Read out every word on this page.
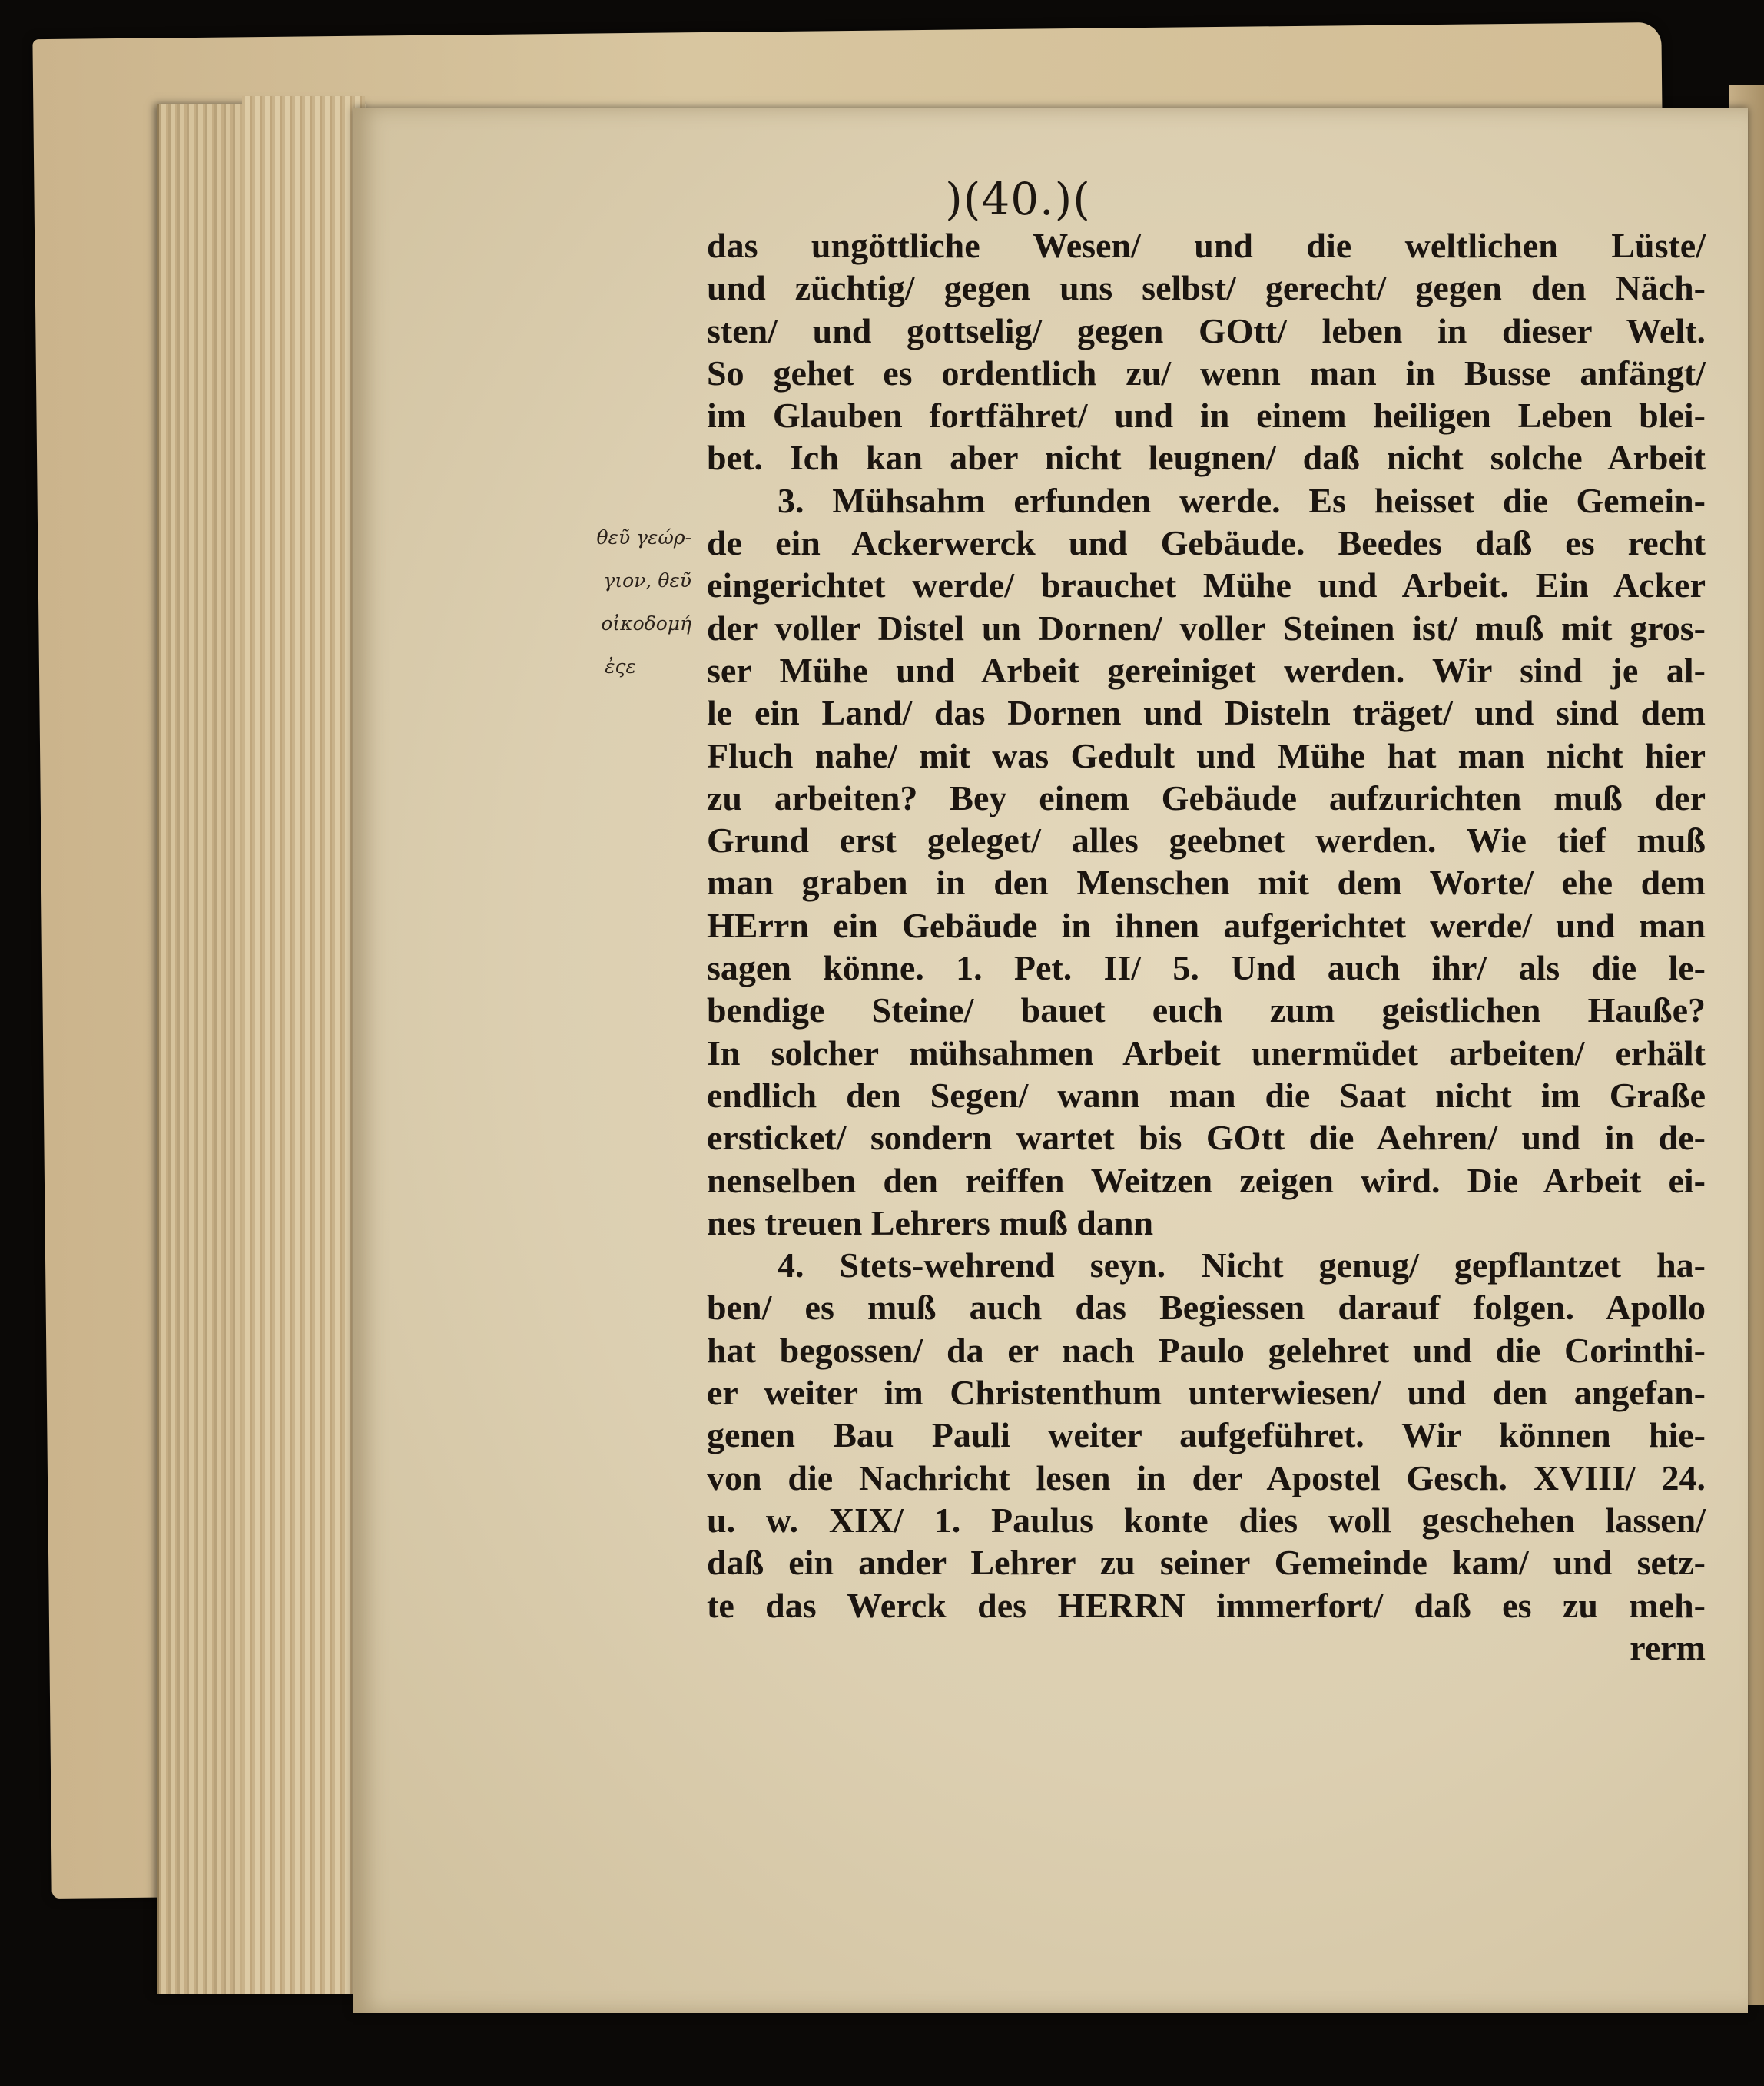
)(40.)(
θεῦ γεώρ-
γιον, θεῦ
οἰκοδομή
ἐςε
das ungöttliche Wesen/ und die weltlichen Lüste/
und züchtig/ gegen uns selbst/ gerecht/ gegen den Näch-
sten/ und gottselig/ gegen GOtt/ leben in dieser Welt.
So gehet es ordentlich zu/ wenn man in Busse anfängt/
im Glauben fortfähret/ und in einem heiligen Leben blei-
bet. Ich kan aber nicht leugnen/ daß nicht solche Arbeit
3. Mühsahm erfunden werde. Es heisset die Gemein-
de ein Ackerwerck und Gebäude. Beedes daß es recht
eingerichtet werde/ brauchet Mühe und Arbeit. Ein Acker
der voller Distel un Dornen/ voller Steinen ist/ muß mit gros-
ser Mühe und Arbeit gereiniget werden. Wir sind je al-
le ein Land/ das Dornen und Disteln träget/ und sind dem
Fluch nahe/ mit was Gedult und Mühe hat man nicht hier
zu arbeiten? Bey einem Gebäude aufzurichten muß der
Grund erst geleget/ alles geebnet werden. Wie tief muß
man graben in den Menschen mit dem Worte/ ehe dem
HErrn ein Gebäude in ihnen aufgerichtet werde/ und man
sagen könne. 1. Pet. II/ 5. Und auch ihr/ als die le-
bendige Steine/ bauet euch zum geistlichen Hauße?
In solcher mühsahmen Arbeit unermüdet arbeiten/ erhält
endlich den Segen/ wann man die Saat nicht im Graße
ersticket/ sondern wartet bis GOtt die Aehren/ und in de-
nenselben den reiffen Weitzen zeigen wird. Die Arbeit ei-
nes treuen Lehrers muß dann
4. Stets-wehrend seyn. Nicht genug/ gepflantzet ha-
ben/ es muß auch das Begiessen darauf folgen. Apollo
hat begossen/ da er nach Paulo gelehret und die Corinthi-
er weiter im Christenthum unterwiesen/ und den angefan-
genen Bau Pauli weiter aufgeführet. Wir können hie-
von die Nachricht lesen in der Apostel Gesch. XVIII/ 24.
u. w. XIX/ 1. Paulus konte dies woll geschehen lassen/
daß ein ander Lehrer zu seiner Gemeinde kam/ und setz-
te das Werck des HERRN immerfort/ daß es zu meh-
rerm
